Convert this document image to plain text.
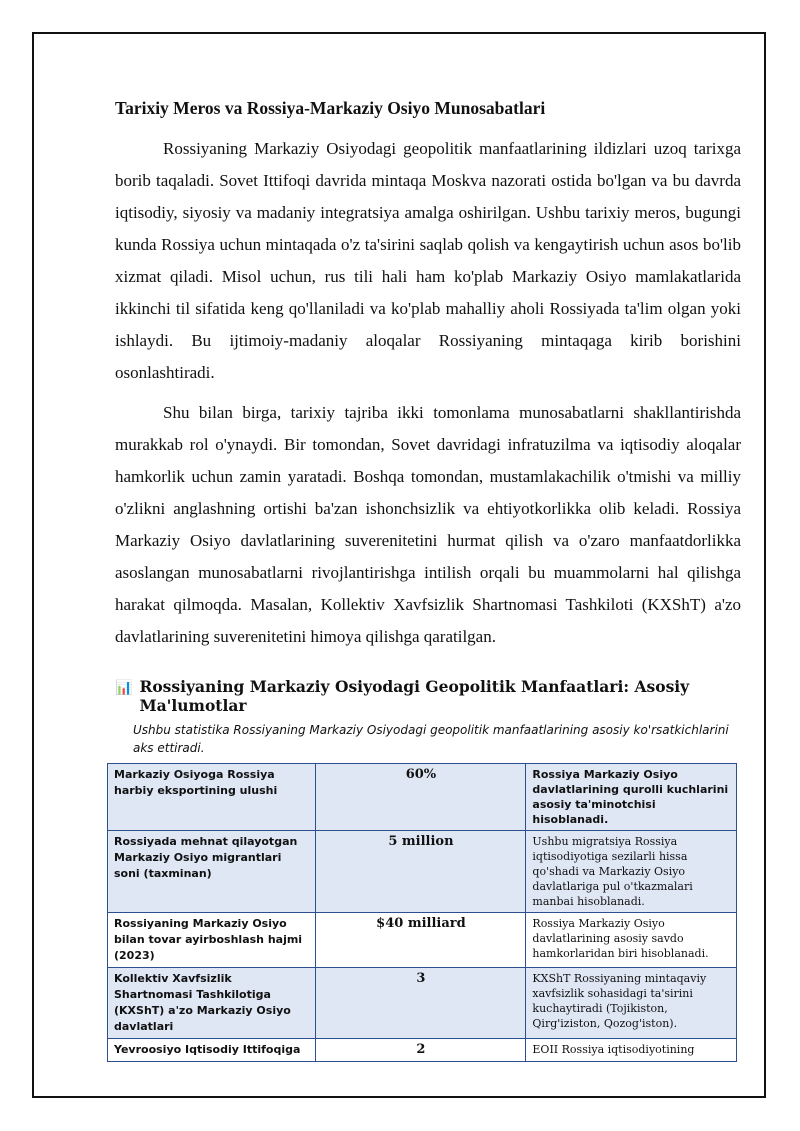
Tarixiy Meros va Rossiya-Markaziy Osiyo Munosabatlari

Rossiyaning Markaziy Osiyodagi geopolitik manfaatlarining ildizlari uzoq tarixga borib taqaladi. Sovet Ittifoqi davrida mintaqa Moskva nazorati ostida bo'lgan va bu davrda iqtisodiy, siyosiy va madaniy integratsiya amalga oshirilgan. Ushbu tarixiy meros, bugungi kunda Rossiya uchun mintaqada o'z ta'sirini saqlab qolish va kengaytirish uchun asos bo'lib xizmat qiladi. Misol uchun, rus tili hali ham ko'plab Markaziy Osiyo mamlakatlarida ikkinchi til sifatida keng qo'llaniladi va ko'plab mahalliy aholi Rossiyada ta'lim olgan yoki ishlaydi. Bu ijtimoiy-madaniy aloqalar Rossiyaning mintaqaga kirib borishini osonlashtiradi.

Shu bilan birga, tarixiy tajriba ikki tomonlama munosabatlarni shakllantirishda murakkab rol o'ynaydi. Bir tomondan, Sovet davridagi infratuzilma va iqtisodiy aloqalar hamkorlik uchun zamin yaratadi. Boshqa tomondan, mustamlakachilik o'tmishi va milliy o'zlikni anglashning ortishi ba'zan ishonchsizlik va ehtiyotkorlikka olib keladi. Rossiya Markaziy Osiyo davlatlarining suverenitetini hurmat qilish va o'zaro manfaatdorlikka asoslangan munosabatlarni rivojlantirishga intilish orqali bu muammolarni hal qilishga harakat qilmoqda. Masalan, Kollektiv Xavfsizlik Shartnomasi Tashkiloti (KXShT) a'zo davlatlarining suverenitetini himoya qilishga qaratilgan.

📊 Rossiyaning Markaziy Osiyodagi Geopolitik Manfaatlari: Asosiy Ma'lumotlar
Ushbu statistika Rossiyaning Markaziy Osiyodagi geopolitik manfaatlarining asosiy ko'rsatkichlarini aks ettiradi.
Markaziy Osiyoga Rossiya harbiy eksportining ulushi	60%	Rossiya Markaziy Osiyo davlatlarining qurolli kuchlarini asosiy ta'minotchisi hisoblanadi.
Rossiyada mehnat qilayotgan Markaziy Osiyo migrantlari soni (taxminan)	5 million	Ushbu migratsiya Rossiya iqtisodiyotiga sezilarli hissa qo'shadi va Markaziy Osiyo davlatlariga pul o'tkazmalari manbai hisoblanadi.
Rossiyaning Markaziy Osiyo bilan tovar ayirboshlash hajmi (2023)	$40 milliard	Rossiya Markaziy Osiyo davlatlarining asosiy savdo hamkorlaridan biri hisoblanadi.
Kollektiv Xavfsizlik Shartnomasi Tashkilotiga (KXShT) a'zo Markaziy Osiyo davlatlari	3	KXShT Rossiyaning mintaqaviy xavfsizlik sohasidagi ta'sirini kuchaytiradi (Tojikiston, Qirg'iziston, Qozog'iston).
Yevroosiyo Iqtisodiy Ittifoqiga	2	EOII Rossiya iqtisodiyotining
